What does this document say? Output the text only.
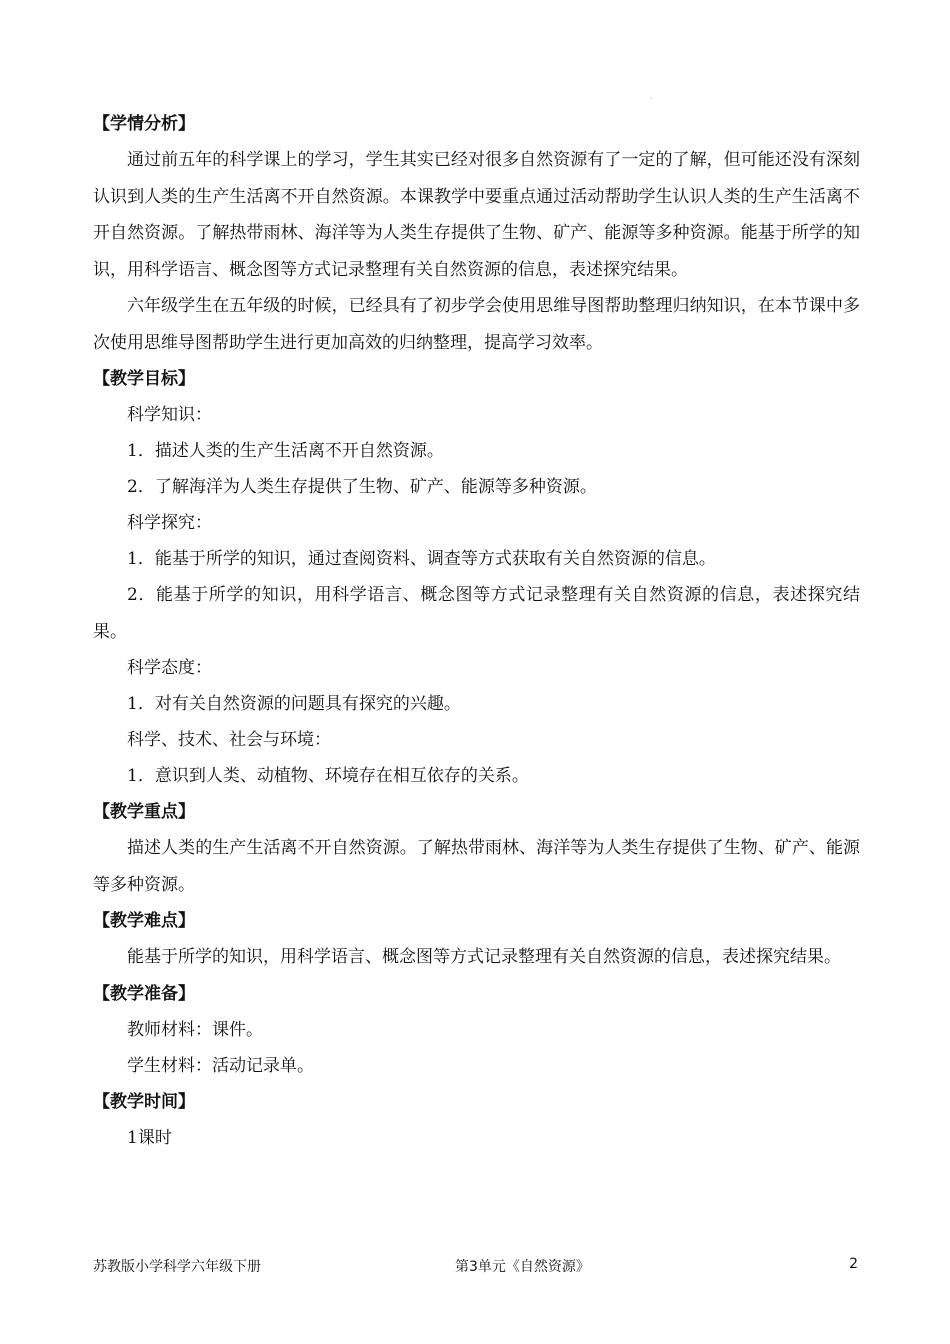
·
【学情分析】

通过前五年的科学课上的学习，学生其实已经对很多自然资源有了一定的了解，但可能还没有深刻认识到人类的生产生活离不开自然资源。本课教学中要重点通过活动帮助学生认识人类的生产生活离不开自然资源。了解热带雨林、海洋等为人类生存提供了生物、矿产、能源等多种资源。能基于所学的知识，用科学语言、概念图等方式记录整理有关自然资源的信息，表述探究结果。

六年级学生在五年级的时候，已经具有了初步学会使用思维导图帮助整理归纳知识，在本节课中多次使用思维导图帮助学生进行更加高效的归纳整理，提高学习效率。

【教学目标】
科学知识：
1．描述人类的生产生活离不开自然资源。
2．了解海洋为人类生存提供了生物、矿产、能源等多种资源。
科学探究：
1．能基于所学的知识，通过查阅资料、调查等方式获取有关自然资源的信息。

2．能基于所学的知识，用科学语言、概念图等方式记录整理有关自然资源的信息，表述探究结果。

科学态度：
1．对有关自然资源的问题具有探究的兴趣。
科学、技术、社会与环境：
1．意识到人类、动植物、环境存在相互依存的关系。
【教学重点】

描述人类的生产生活离不开自然资源。了解热带雨林、海洋等为人类生存提供了生物、矿产、能源等多种资源。

【教学难点】

能基于所学的知识，用科学语言、概念图等方式记录整理有关自然资源的信息，表述探究结果。

【教学准备】
教师材料：课件。
学生材料：活动记录单。
【教学时间】
1课时
苏教版小学科学六年级下册	第3单元《自然资源》	2
